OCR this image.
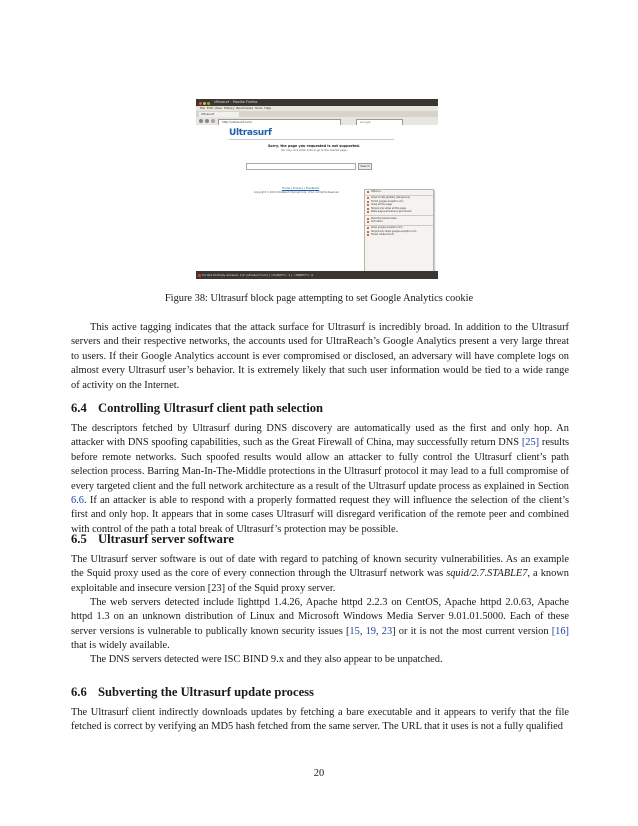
Ultrasurf - Mozilla Firefox
File Edit View History Bookmarks Tools Help
Ultrasurf
http://ultrasurf.com/	Google
Ultrasurf
Sorry, the page you requested is not supported.
You may click other links to go to the desired page.
Search
Home | Privacy | Feedback
Copyright © 2010 UltraReach Internet Corp. U.S.A. All Rights Reserved	Options...
Allow scripts globally (dangerous)
Forbid google-analytics.com
Allow all this page
Temporarily allow all this page
Make page permissions permanent
Recently blocked sites
Untrusted
Allow google-analytics.com
Temporarily allow google-analytics.com
Forbid ultrasurf.com
Scripts Partially Allowed, 1/2 (ultrasurf.com) | <SCRIPT>: 1 | <OBJECT>: 0
Figure 38: Ultrasurf block page attempting to set Google Analytics cookie

This active tagging indicates that the attack surface for Ultrasurf is incredibly broad. In addition to the Ultrasurf servers and their respective networks, the accounts used for UltraReach’s Google Analytics present a very large threat to users. If their Google Analytics account is ever compromised or disclosed, an adversary will have complete logs on almost every Ultrasurf user’s behavior. It is extremely likely that such user information would be tied to a wide range of activity on the Internet.

6.4 Controlling Ultrasurf client path selection

The descriptors fetched by Ultrasurf during DNS discovery are automatically used as the first and only hop. An attacker with DNS spoofing capabilities, such as the Great Firewall of China, may successfully return DNS [25] results before remote networks. Such spoofed results would allow an attacker to fully control the Ultrasurf client’s path selection process. Barring Man-In-The-Middle protections in the Ultrasurf protocol it may lead to a full compromise of every targeted client and the full network architecture as a result of the Ultrasurf update process as explained in Section 6.6. If an attacker is able to respond with a properly formatted request they will influence the selection of the client’s first and only hop. It appears that in some cases Ultrasurf will disregard verification of the remote peer and combined with control of the path a total break of Ultrasurf’s protection may be possible.

6.5 Ultrasurf server software

The Ultrasurf server software is out of date with regard to patching of known security vulnerabilities. As an example the Squid proxy used as the core of every connection through the Ultrasurf network was squid/2.7.STABLE7, a known exploitable and insecure version [23] of the Squid proxy server.

The web servers detected include lighttpd 1.4.26, Apache httpd 2.2.3 on CentOS, Apache httpd 2.0.63, Apache httpd 1.3 on an unknown distribution of Linux and Microsoft Windows Media Server 9.01.01.5000. Each of these server versions is vulnerable to publically known security issues [15, 19, 23] or it is not the most current version [16] that is widely available.

The DNS servers detected were ISC BIND 9.x and they also appear to be unpatched.

6.6 Subverting the Ultrasurf update process

The Ultrasurf client indirectly downloads updates by fetching a bare executable and it appears to verify that the file fetched is correct by verifying an MD5 hash fetched from the same server. The URL that it uses is not a fully qualified

20
